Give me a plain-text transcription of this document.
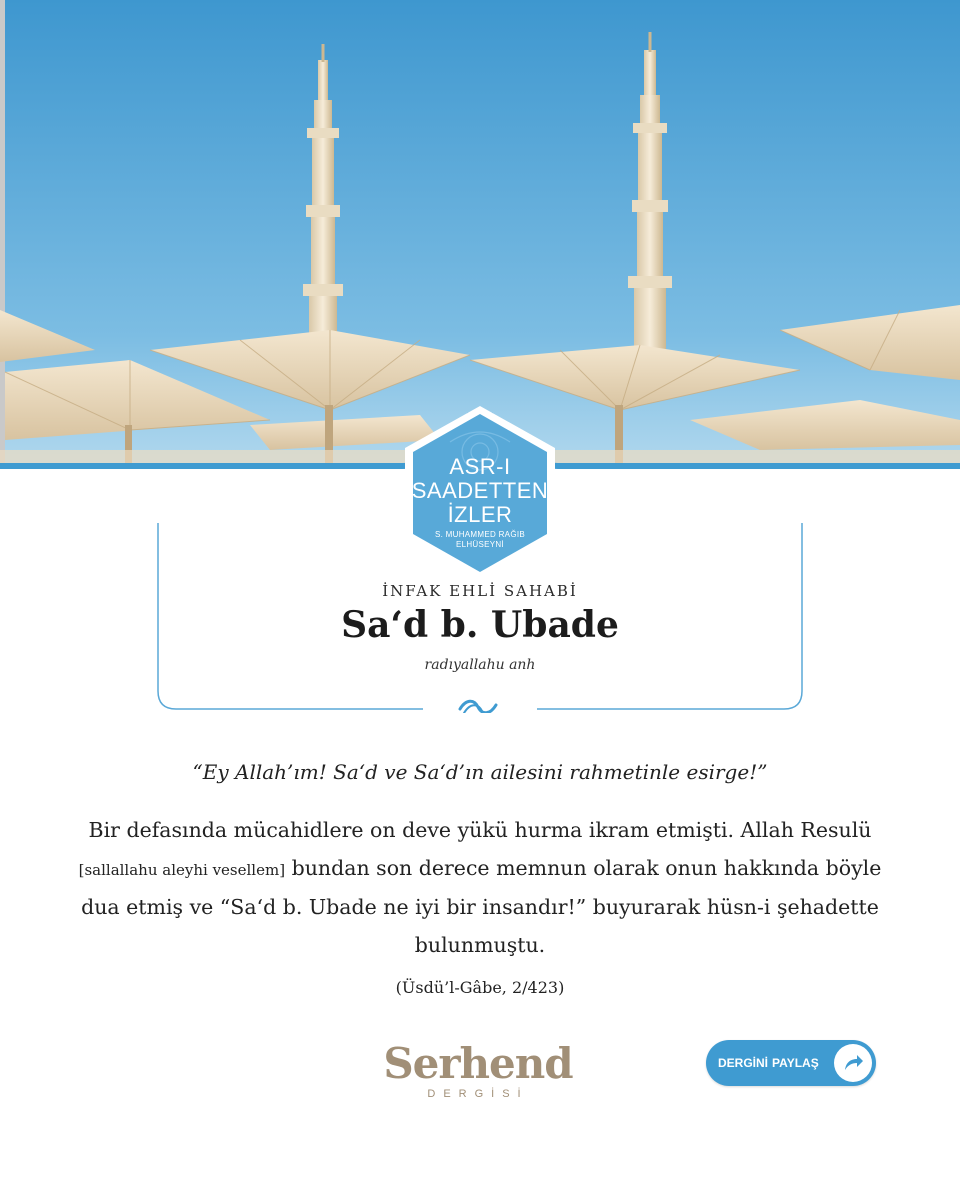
ASR-I
SAADETTEN
İZLER
S. MUHAMMED RAĞIB
ELHÜSEYNİ
İNFAK EHLİ SAHABİ
Sa‘d b. Ubade
radıyallahu anh
“Ey Allah’ım! Sa‘d ve Sa‘d’ın ailesini rahmetinle esirge!”
Bir defasında mücahidlere on deve yükü hurma ikram etmişti. Allah Resulü [sallallahu aleyhi vesellem] bundan son derece memnun olarak onun hakkında böyle dua etmiş ve “Sa‘d b. Ubade ne iyi bir insandır!” buyurarak hüsn-i şehadette bulunmuştu.
(Üsdü’l-Gâbe, 2/423)
Serhend
DERGİSİ
DERGİNİ PAYLAŞ
